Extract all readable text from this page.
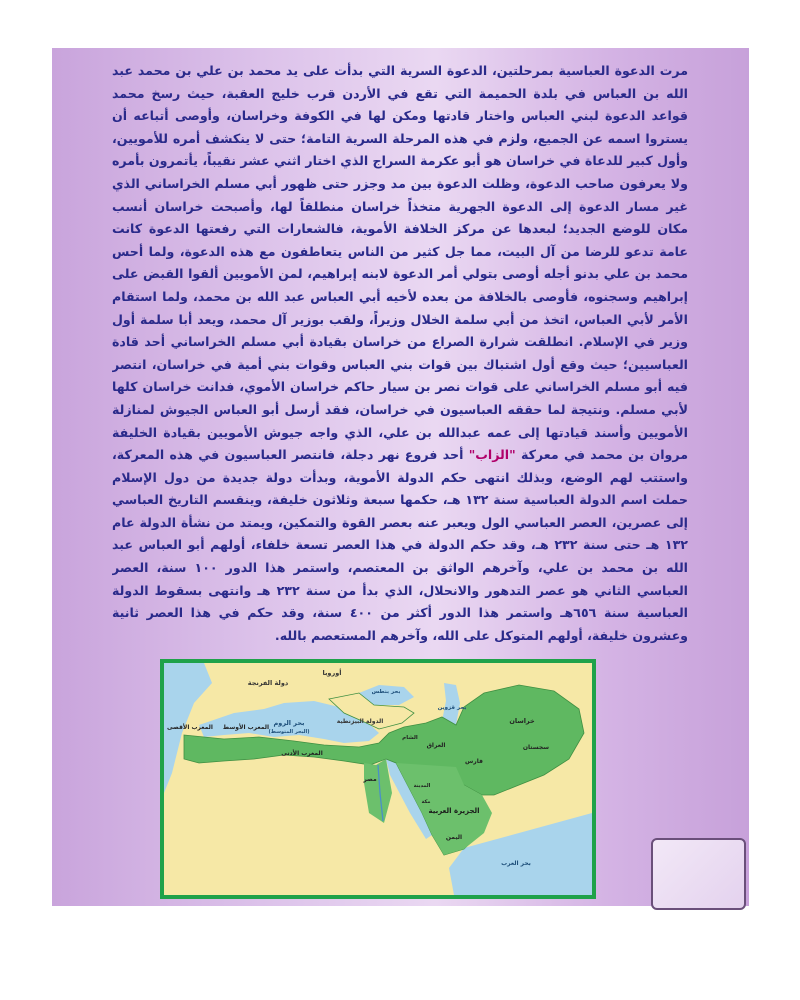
مرت الدعوة العباسية بمرحلتين، الدعوة السرية التي بدأت على يد محمد بن علي بن محمد عبد الله بن العباس في بلدة الحميمة التي تقع في الأردن قرب خليج العقبة، حيث رسخ محمد قواعد الدعوة لبني العباس واختار قادتها ومكن لها في الكوفة وخراسان، وأوصى أتباعه أن يستروا اسمه عن الجميع، ولزم في هذه المرحلة السرية التامة؛ حتى لا ينكشف أمره للأمويين، وأول كبير للدعاة في خراسان هو أبو عكرمة السراج الذي اختار اثني عشر نقيباً، يأتمرون بأمره ولا يعرفون صاحب الدعوة، وظلت الدعوة بين مد وجزر حتى ظهور أبي مسلم الخراساني الذي غير مسار الدعوة إلى الدعوة الجهرية متخذاً خراسان منطلقاً لها، وأصبحت خراسان أنسب مكان للوضع الجديد؛ لبعدها عن مركز الخلافة الأموية، فالشعارات التي رفعتها الدعوة كانت عامة تدعو للرضا من آل البيت، مما جل كثير من الناس يتعاطفون مع هذه الدعوة، ولما أحس محمد بن علي بدنو أجله أوصى بتولي أمر الدعوة لابنه إبراهيم، لمن الأمويين ألقوا القبض على إبراهيم وسجنوه، فأوصى بالخلافة من بعده لأخيه أبي العباس عبد الله بن محمد، ولما استقام الأمر لأبي العباس، اتخذ من أبي سلمة الخلال وزيراً، ولقب بوزير آل محمد، ويعد أبا سلمة أول وزير في الإسلام. انطلقت شرارة الصراع من خراسان بقيادة أبي مسلم الخراساني أحد قادة العباسيين؛ حيث وقع أول اشتباك بين قوات بني العباس وقوات بني أمية في خراسان، انتصر فيه أبو مسلم الخراساني على قوات نصر بن سيار حاكم خراسان الأموي، فدانت خراسان كلها لأبي مسلم. ونتيجة لما حققه العباسيون في خراسان، فقد أرسل أبو العباس الجيوش لمنازلة الأمويين وأسند قيادتها إلى عمه عبدالله بن علي، الذي واجه جيوش الأمويين بقيادة الخليفة مروان بن محمد في معركة "الزاب" أحد فروع نهر دجلة، فانتصر العباسيون في هذه المعركة، واستتب لهم الوضع، وبذلك انتهى حكم الدولة الأموية، وبدأت دولة جديدة من دول الإسلام حملت اسم الدولة العباسية سنة ١٣٢ هـ، حكمها سبعة وثلاثون خليفة، وينقسم التاريخ العباسي إلى عصرين، العصر العباسي الول ويعبر عنه بعصر القوة والتمكين، ويمتد من نشأة الدولة عام ١٣٢ هـ حتى سنة ٢٣٢ هـ، وقد حكم الدولة في هذا العصر تسعة خلفاء، أولهم أبو العباس عبد الله بن محمد بن علي، وآخرهم الواثق بن المعتصم، واستمر هذا الدور ١٠٠ سنة، العصر العباسي الثاني هو عصر التدهور والانحلال، الذي بدأ من سنة ٢٣٢ هـ وانتهى بسقوط الدولة العباسية سنة ٦٥٦هـ واستمر هذا الدور أكثر من ٤٠٠ سنة، وقد حكم في هذا العصر ثانية وعشرون خليفة، أولهم المتوكل على الله، وآخرهم المستعصم بالله.

دولة الفرنجة
أوروبا
بحر بنطس
الدولة البيزنطية
بحر قزوين
بحر الروم
(البحر المتوسط)
المغرب الأقصى المغرب الأوسط
المغرب الأدنى
مصر
الشام
العراق
فارس
خراسان
سجستان
الجزيرة العربية
المدينة
مكة
اليمن
بحر العرب
